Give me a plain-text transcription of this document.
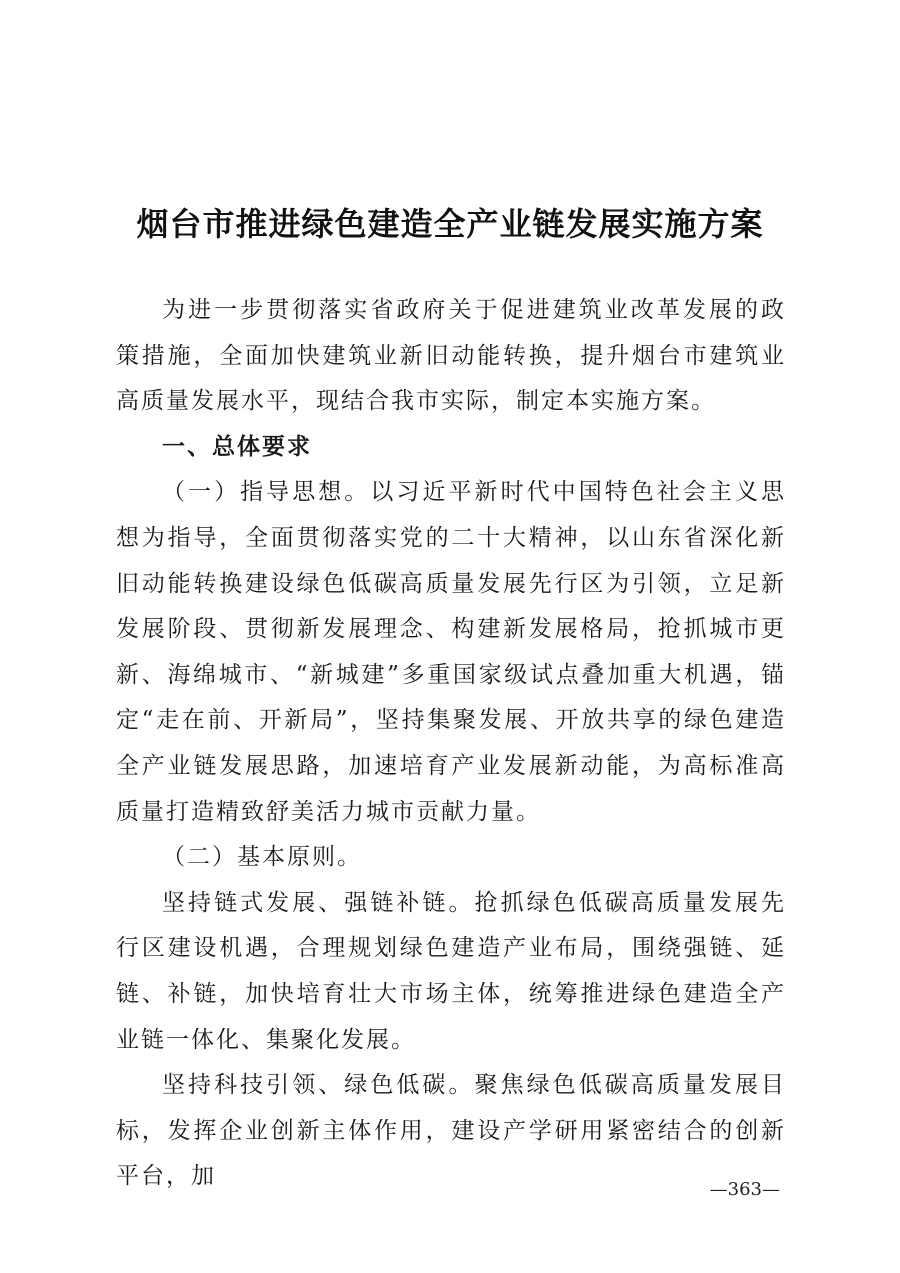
烟台市推进绿色建造全产业链发展实施方案

为进一步贯彻落实省政府关于促进建筑业改革发展的政策措施，全面加快建筑业新旧动能转换，提升烟台市建筑业高质量发展水平，现结合我市实际，制定本实施方案。

一、总体要求

（一）指导思想。以习近平新时代中国特色社会主义思想为指导，全面贯彻落实党的二十大精神，以山东省深化新旧动能转换建设绿色低碳高质量发展先行区为引领，立足新发展阶段、贯彻新发展理念、构建新发展格局，抢抓城市更新、海绵城市、“新城建”多重国家级试点叠加重大机遇，锚定“走在前、开新局”，坚持集聚发展、开放共享的绿色建造全产业链发展思路，加速培育产业发展新动能，为高标准高质量打造精致舒美活力城市贡献力量。

（二）基本原则。

坚持链式发展、强链补链。抢抓绿色低碳高质量发展先行区建设机遇，合理规划绿色建造产业布局，围绕强链、延链、补链，加快培育壮大市场主体，统筹推进绿色建造全产业链一体化、集聚化发展。

坚持科技引领、绿色低碳。聚焦绿色低碳高质量发展目标，发挥企业创新主体作用，建设产学研用紧密结合的创新平台，加

—363—
